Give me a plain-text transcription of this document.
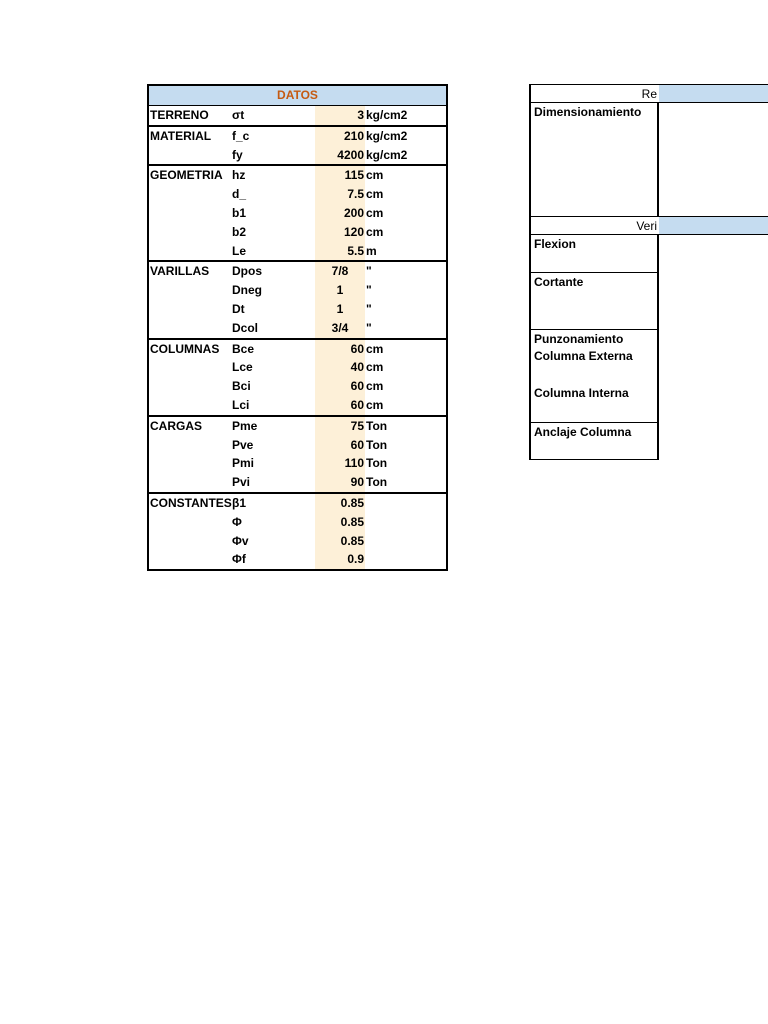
DATOS
TERRENO σt	3 kg/cm2
MATERIAL f_c	210 kg/cm2
fy	4200 kg/cm2
GEOMETRIA hz	115 cm
d_	7.5 cm
b1	200 cm
b2	120 cm
Le	5.5 m
VARILLAS Dpos	7/8	"
Dneg	1	"
Dt	1	"
Dcol	3/4	"
COLUMNAS Bce	60 cm
Lce	40 cm
Bci	60 cm
Lci	60 cm
CARGAS Pme	75 Ton
Pve	60 Ton
Pmi	110 Ton
Pvi	90 Ton
CONSTANTES β1	0.85
Φ	0.85
Φv	0.85
Φf	0.9
Re
Dimensionamiento
Veri
Flexion
Cortante
Punzonamiento
Columna Externa
Columna Interna
Anclaje Columna
